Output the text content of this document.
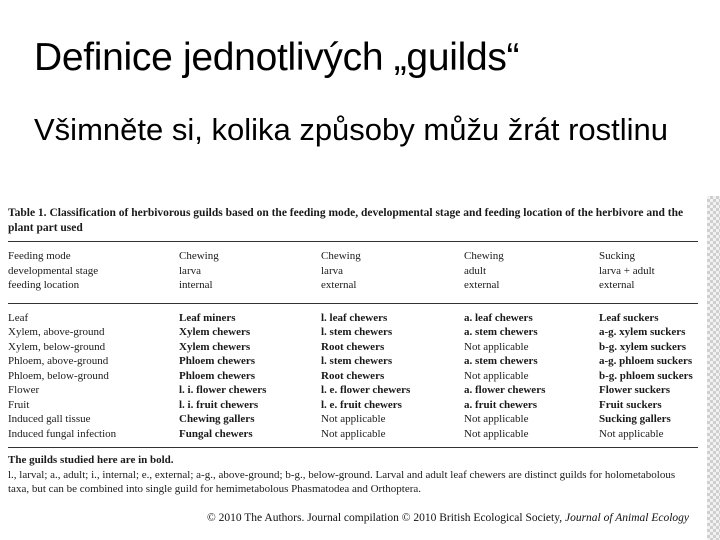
Definice jednotlivých „guilds“
Všimněte si, kolika způsoby můžu žrát rostlinu
Table 1. Classification of herbivorous guilds based on the feeding mode, developmental stage and feeding location of the herbivore and the plant part used
Feeding mode	Chewing	Chewing	Chewing	Sucking
developmental stage	larva	larva	adult	larva + adult
feeding location	internal	external	external	external
Leaf	Leaf miners	l. leaf chewers	a. leaf chewers	Leaf suckers
Xylem, above-ground	Xylem chewers	l. stem chewers	a. stem chewers	a-g. xylem suckers
Xylem, below-ground	Xylem chewers	Root chewers	Not applicable	b-g. xylem suckers
Phloem, above-ground	Phloem chewers	l. stem chewers	a. stem chewers	a-g. phloem suckers
Phloem, below-ground	Phloem chewers	Root chewers	Not applicable	b-g. phloem suckers
Flower	l. i. flower chewers	l. e. flower chewers	a. flower chewers	Flower suckers
Fruit	l. i. fruit chewers	l. e. fruit chewers	a. fruit chewers	Fruit suckers
Induced gall tissue	Chewing gallers	Not applicable	Not applicable	Sucking gallers
Induced fungal infection	Fungal chewers	Not applicable	Not applicable	Not applicable
The guilds studied here are in bold.
l., larval; a., adult; i., internal; e., external; a-g., above-ground; b-g., below-ground. Larval and adult leaf chewers are distinct guilds for holometabolous taxa, but can be combined into single guild for hemimetabolous Phasmatodea and Orthoptera.
© 2010 The Authors. Journal compilation © 2010 British Ecological Society, Journal of Animal Ecology
